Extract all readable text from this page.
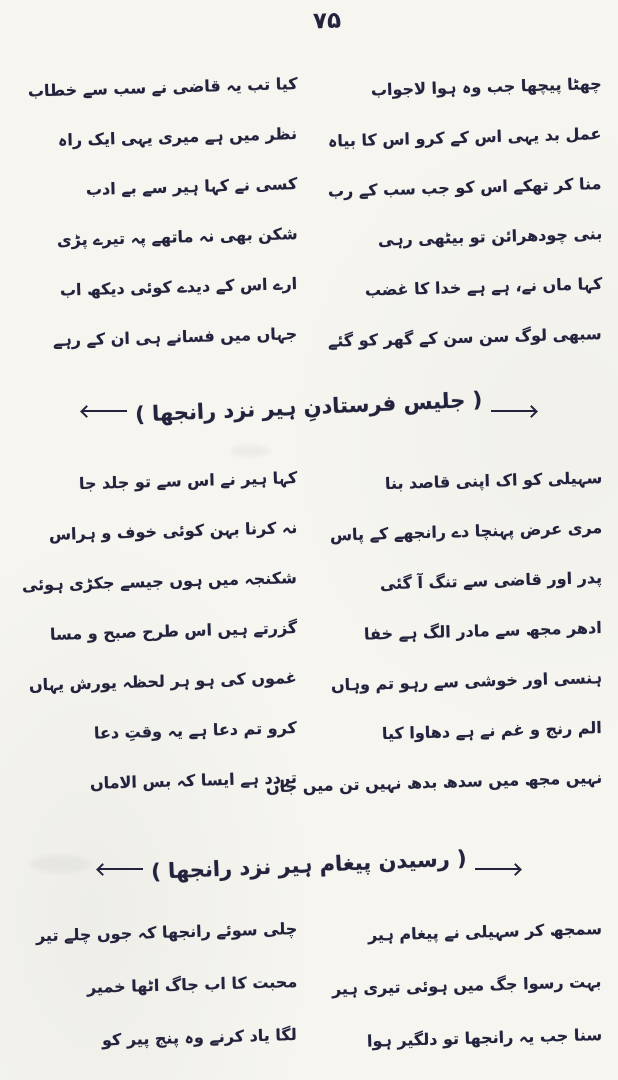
۷۵
چھٹا پیچھا جب وہ ہوا لاجواب
کیا تب یہ قاضی نے سب سے خطاب
عمل بد یہی اس کے کرو اس کا بیاہ
نظر میں ہے میری یہی ایک راہ
منا کر تھکے اس کو جب سب کے رب
کسی نے کہا ہیر سے بے ادب
بنی چودھرائن تو بیٹھی رہی
شکن بھی نہ ماتھے پہ تیرے پڑی
کہا ماں نے، ہے ہے خدا کا غضب
ارے اس کے دیدے کوئی دیکھ اب
سبھی لوگ سن سن کے گھر کو گئے
جہاں میں فسانے ہی ان کے رہے
( جلیس فرستادنِ ہیر نزد رانجھا )
سہیلی کو اک اپنی قاصد بنا
کہا ہیر نے اس سے تو جلد جا
مری عرض پہنچا دے رانجھے کے پاس
نہ کرنا بہن کوئی خوف و ہراس
پدر اور قاضی سے تنگ آ گئی
شکنجہ میں ہوں جیسے جکڑی ہوئی
ادھر مجھ سے مادر الگ ہے خفا
گزرتے ہیں اس طرح صبح و مسا
ہنسی اور خوشی سے رہو تم وہاں
غموں کی ہو ہر لحظہ یورش یہاں
الم رنج و غم نے ہے دھاوا کیا
کرو تم دعا ہے یہ وقتِ دعا
نہیں مجھ میں سدھ بدھ نہیں تن میں جاں
تردد ہے ایسا کہ بس الاماں
( رسیدن پیغام ہیر نزد رانجھا )
سمجھ کر سہیلی نے پیغام ہیر
چلی سوئے رانجھا کہ جوں چلے تیر
بہت رسوا جگ میں ہوئی تیری ہیر
محبت کا اب جاگ اٹھا خمیر
سنا جب یہ رانجھا تو دلگیر ہوا
لگا یاد کرنے وہ پنج پیر کو
